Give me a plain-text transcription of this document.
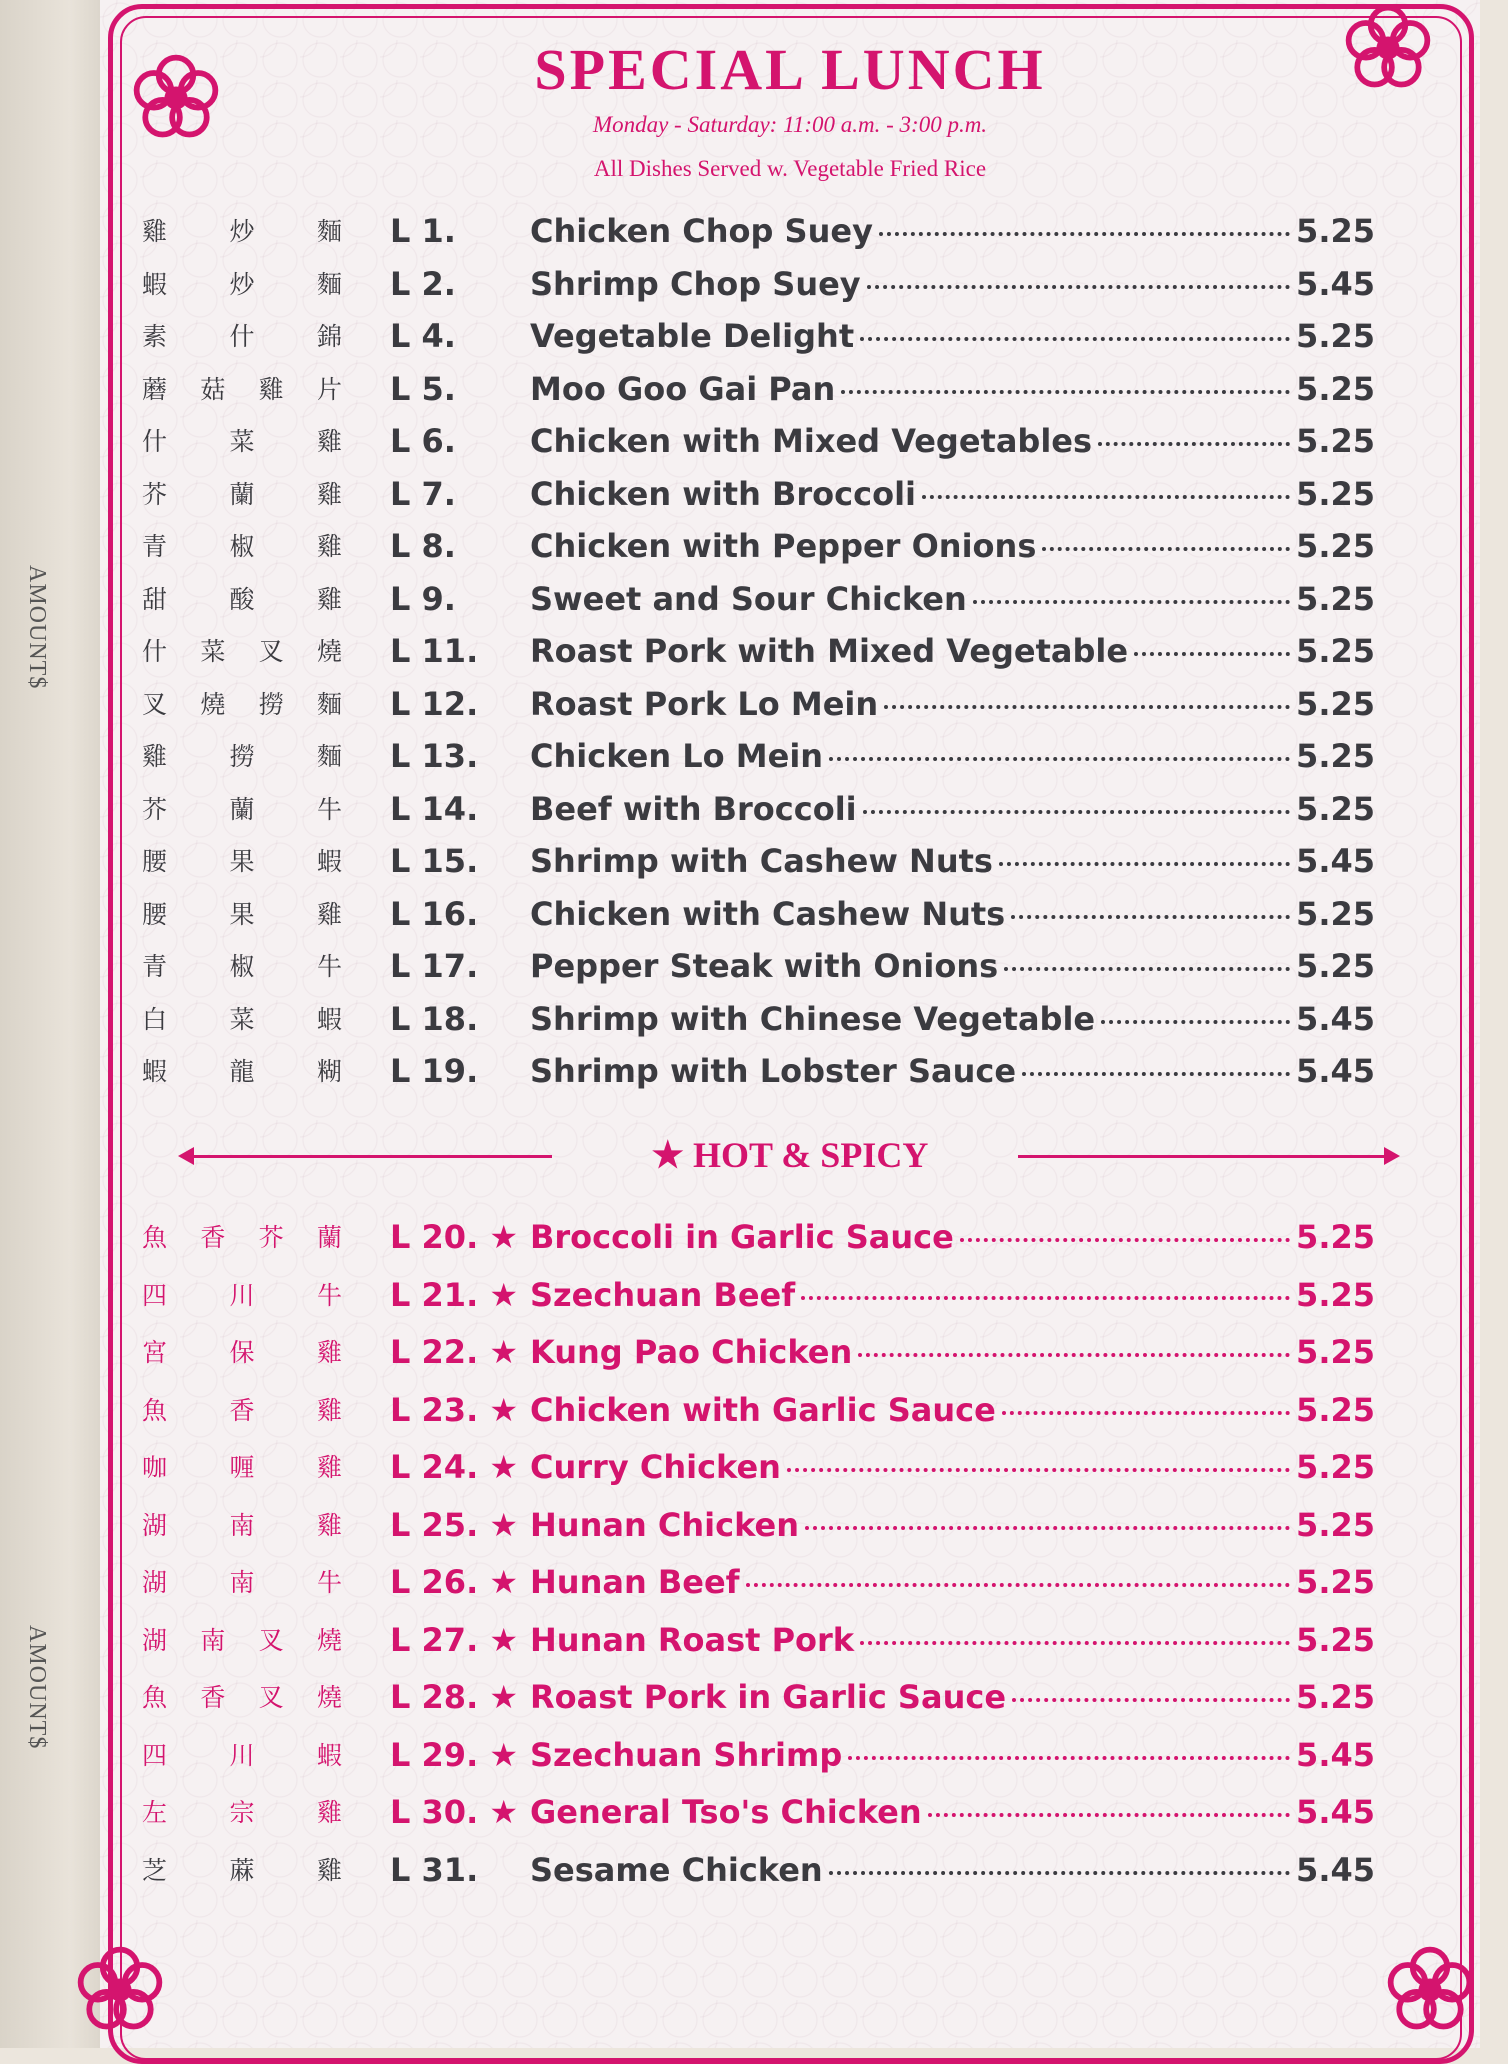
AMOUNT$
AMOUNT$
SPECIAL LUNCH
Monday - Saturday: 11:00 a.m. - 3:00 p.m.
All Dishes Served w. Vegetable Fried Rice
雞 炒 麵 L 1. Chicken Chop Suey	5.25
蝦 炒 麵 L 2. Shrimp Chop Suey	5.45
素 什 錦 L 4. Vegetable Delight	5.25
蘑 菇 雞 片 L 5. Moo Goo Gai Pan	5.25
什 菜 雞 L 6. Chicken with Mixed Vegetables	5.25
芥 蘭 雞 L 7. Chicken with Broccoli	5.25
青 椒 雞 L 8. Chicken with Pepper Onions	5.25
甜 酸 雞 L 9. Sweet and Sour Chicken	5.25
什 菜 叉 燒 L 11. Roast Pork with Mixed Vegetable	5.25
叉 燒 撈 麵 L 12. Roast Pork Lo Mein	5.25
雞 撈 麵 L 13. Chicken Lo Mein	5.25
芥 蘭 牛 L 14. Beef with Broccoli	5.25
腰 果 蝦 L 15. Shrimp with Cashew Nuts	5.45
腰 果 雞 L 16. Chicken with Cashew Nuts	5.25
青 椒 牛 L 17. Pepper Steak with Onions	5.25
白 菜 蝦 L 18. Shrimp with Chinese Vegetable	5.45
蝦 龍 糊 L 19. Shrimp with Lobster Sauce	5.45
★ HOT & SPICY
魚 香 芥 蘭 L 20. ★ Broccoli in Garlic Sauce	5.25
四 川 牛 L 21. ★ Szechuan Beef	5.25
宮 保 雞 L 22. ★ Kung Pao Chicken	5.25
魚 香 雞 L 23. ★ Chicken with Garlic Sauce	5.25
咖 喱 雞 L 24. ★ Curry Chicken	5.25
湖 南 雞 L 25. ★ Hunan Chicken	5.25
湖 南 牛 L 26. ★ Hunan Beef	5.25
湖 南 叉 燒 L 27. ★ Hunan Roast Pork	5.25
魚 香 叉 燒 L 28. ★ Roast Pork in Garlic Sauce	5.25
四 川 蝦 L 29. ★ Szechuan Shrimp	5.45
左 宗 雞 L 30. ★ General Tso's Chicken	5.45
芝 蔴 雞 L 31. Sesame Chicken	5.45
